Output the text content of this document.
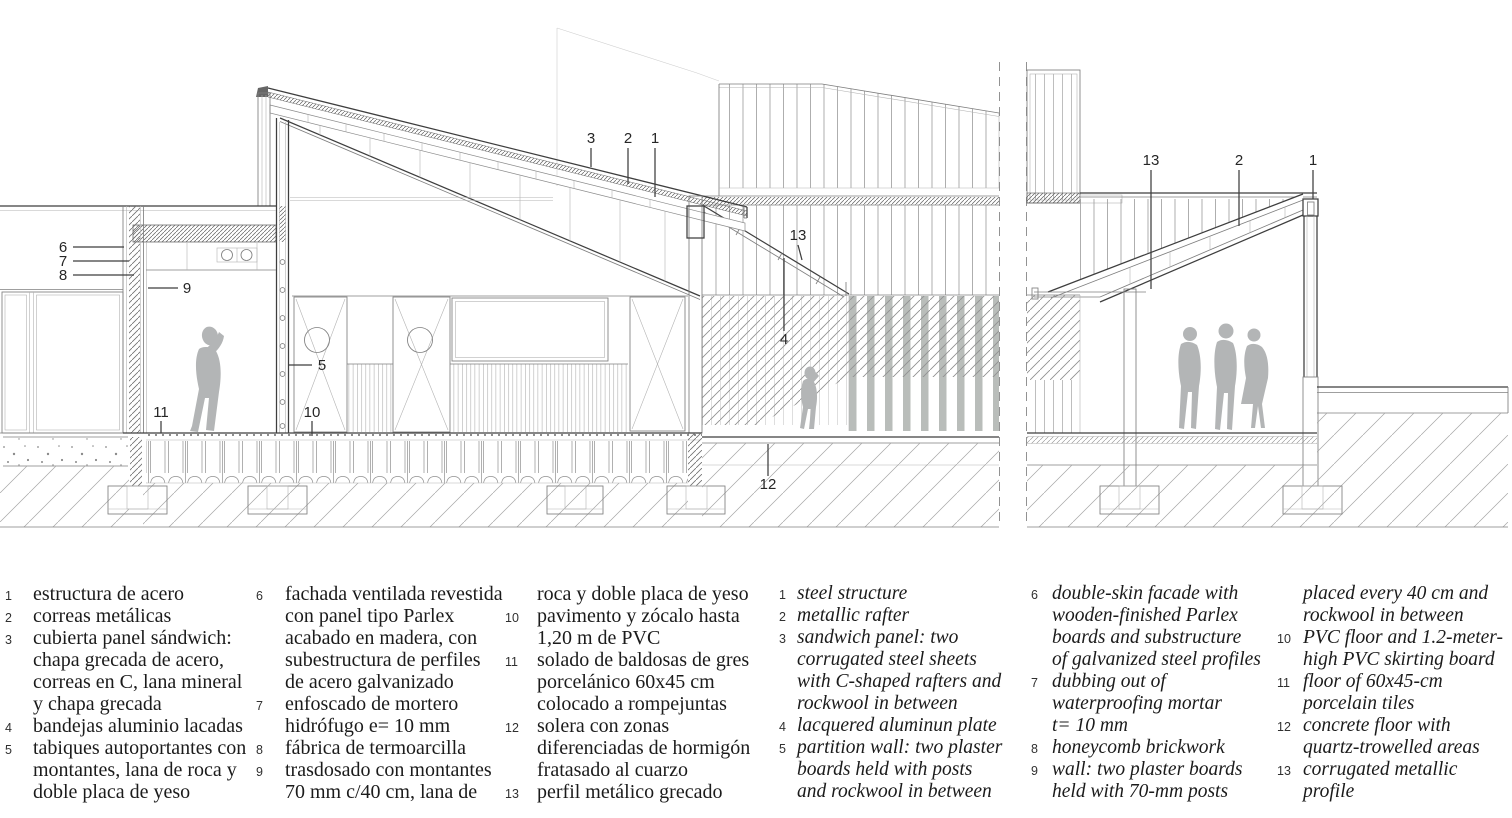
3 2 1
6
7
8
9
5
11	10
13
4
12
13	2	1
1 estructura de acero
2 correas metálicas
3 cubierta panel sándwich:
chapa grecada de acero,
correas en C, lana mineral
y chapa grecada
4 bandejas aluminio lacadas
5 tabiques autoportantes con
montantes, lana de roca y
doble placa de yeso
6 fachada ventilada revestida
con panel tipo Parlex
acabado en madera, con
subestructura de perfiles
de acero galvanizado
7 enfoscado de mortero
hidrófugo e= 10 mm
8 fábrica de termoarcilla
9 trasdosado con montantes
70 mm c/40 cm, lana de
roca y doble placa de yeso
10 pavimento y zócalo hasta
1,20 m de PVC
11 solado de baldosas de gres
porcelánico 60x45 cm
colocado a rompejuntas
12 solera con zonas
diferenciadas de hormigón
fratasado al cuarzo
13 perfil metálico grecado
1 steel structure
2 metallic rafter
3 sandwich panel: two
corrugated steel sheets
with C-shaped rafters and
rockwool in between
4 lacquered aluminun plate
5 partition wall: two plaster
boards held with posts
and rockwool in between
6 double-skin facade with
wooden-finished Parlex
boards and substructure
of galvanized steel profiles
7 dubbing out of
waterproofing mortar
t= 10 mm
8 honeycomb brickwork
9 wall: two plaster boards
held with 70-mm posts
placed every 40 cm and
rockwool in between
10 PVC floor and 1.2-meter-
high PVC skirting board
11 floor of 60x45-cm
porcelain tiles
12 concrete floor with
quartz-trowelled areas
13 corrugated metallic
profile
